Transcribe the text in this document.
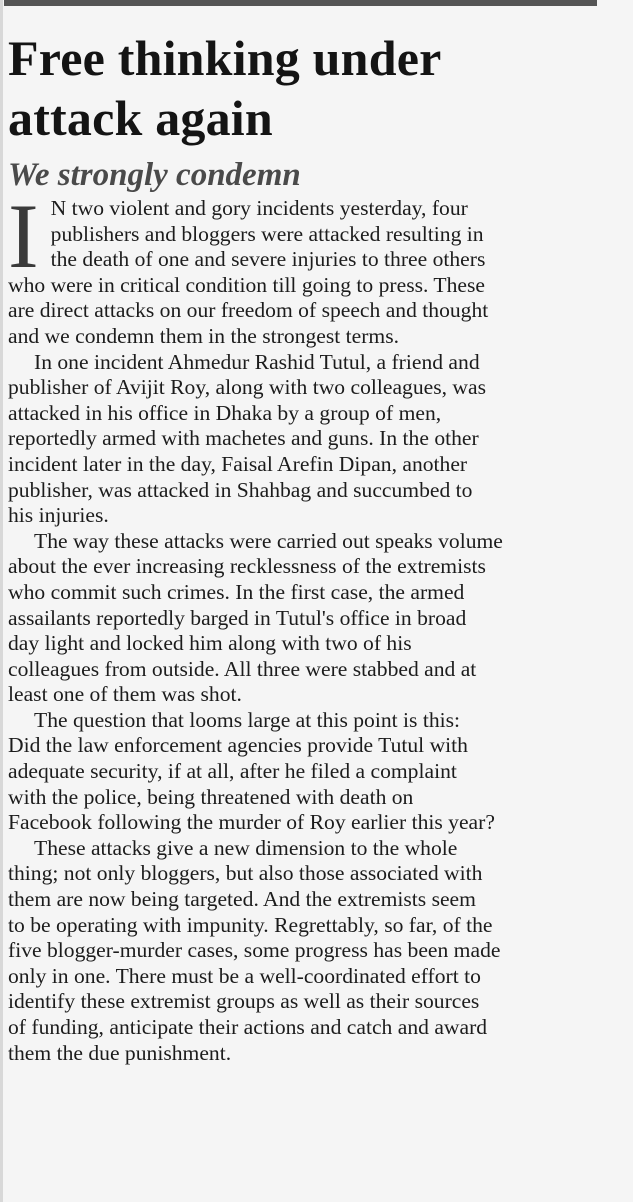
Free thinking under
attack again
We strongly condemn

I N two violent and gory incidents yesterday, four
publishers and bloggers were attacked resulting in
the death of one and severe injuries to three others
who were in critical condition till going to press. These
are direct attacks on our freedom of speech and thought
and we condemn them in the strongest terms.

In one incident Ahmedur Rashid Tutul, a friend and
publisher of Avijit Roy, along with two colleagues, was
attacked in his office in Dhaka by a group of men,
reportedly armed with machetes and guns. In the other
incident later in the day, Faisal Arefin Dipan, another
publisher, was attacked in Shahbag and succumbed to
his injuries.

The way these attacks were carried out speaks volume
about the ever increasing recklessness of the extremists
who commit such crimes. In the first case, the armed
assailants reportedly barged in Tutul's office in broad
day light and locked him along with two of his
colleagues from outside. All three were stabbed and at
least one of them was shot.

The question that looms large at this point is this:
Did the law enforcement agencies provide Tutul with
adequate security, if at all, after he filed a complaint
with the police, being threatened with death on
Facebook following the murder of Roy earlier this year?

These attacks give a new dimension to the whole
thing; not only bloggers, but also those associated with
them are now being targeted. And the extremists seem
to be operating with impunity. Regrettably, so far, of the
five blogger-murder cases, some progress has been made
only in one. There must be a well-coordinated effort to
identify these extremist groups as well as their sources
of funding, anticipate their actions and catch and award
them the due punishment.
